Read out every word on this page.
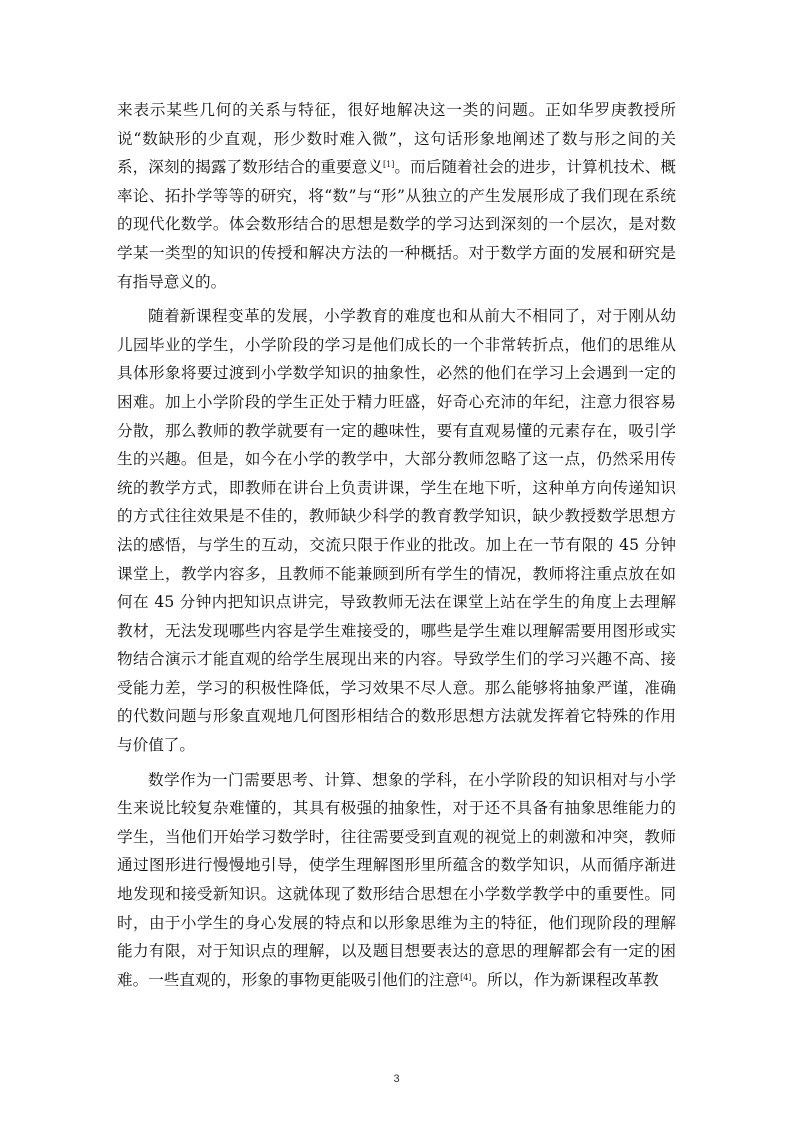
来表示某些几何的关系与特征，很好地解决这一类的问题。正如华罗庚教授所说“数缺形的少直观，形少数时难入微”，这句话形象地阐述了数与形之间的关系，深刻的揭露了数形结合的重要意义[1]。而后随着社会的进步，计算机技术、概率论、拓扑学等等的研究，将“数”与“形”从独立的产生发展形成了我们现在系统的现代化数学。体会数形结合的思想是数学的学习达到深刻的一个层次，是对数学某一类型的知识的传授和解决方法的一种概括。对于数学方面的发展和研究是有指导意义的。

随着新课程变革的发展，小学教育的难度也和从前大不相同了，对于刚从幼儿园毕业的学生，小学阶段的学习是他们成长的一个非常转折点，他们的思维从具体形象将要过渡到小学数学知识的抽象性，必然的他们在学习上会遇到一定的困难。加上小学阶段的学生正处于精力旺盛，好奇心充沛的年纪，注意力很容易分散，那么教师的教学就要有一定的趣味性，要有直观易懂的元素存在，吸引学生的兴趣。但是，如今在小学的教学中，大部分教师忽略了这一点，仍然采用传统的教学方式，即教师在讲台上负责讲课，学生在地下听，这种单方向传递知识的方式往往效果是不佳的，教师缺少科学的教育教学知识，缺少教授数学思想方法的感悟，与学生的互动，交流只限于作业的批改。加上在一节有限的 45 分钟课堂上，教学内容多，且教师不能兼顾到所有学生的情况，教师将注重点放在如何在 45 分钟内把知识点讲完，导致教师无法在课堂上站在学生的角度上去理解教材，无法发现哪些内容是学生难接受的，哪些是学生难以理解需要用图形或实物结合演示才能直观的给学生展现出来的内容。导致学生们的学习兴趣不高、接受能力差，学习的积极性降低，学习效果不尽人意。那么能够将抽象严谨，准确的代数问题与形象直观地几何图形相结合的数形思想方法就发挥着它特殊的作用与价值了。

数学作为一门需要思考、计算、想象的学科，在小学阶段的知识相对与小学生来说比较复杂难懂的，其具有极强的抽象性，对于还不具备有抽象思维能力的学生，当他们开始学习数学时，往往需要受到直观的视觉上的刺激和冲突，教师通过图形进行慢慢地引导，使学生理解图形里所蕴含的数学知识，从而循序渐进地发现和接受新知识。这就体现了数形结合思想在小学数学教学中的重要性。同时，由于小学生的身心发展的特点和以形象思维为主的特征，他们现阶段的理解能力有限，对于知识点的理解，以及题目想要表达的意思的理解都会有一定的困难。一些直观的，形象的事物更能吸引他们的注意[4]。所以，作为新课程改革教

3
